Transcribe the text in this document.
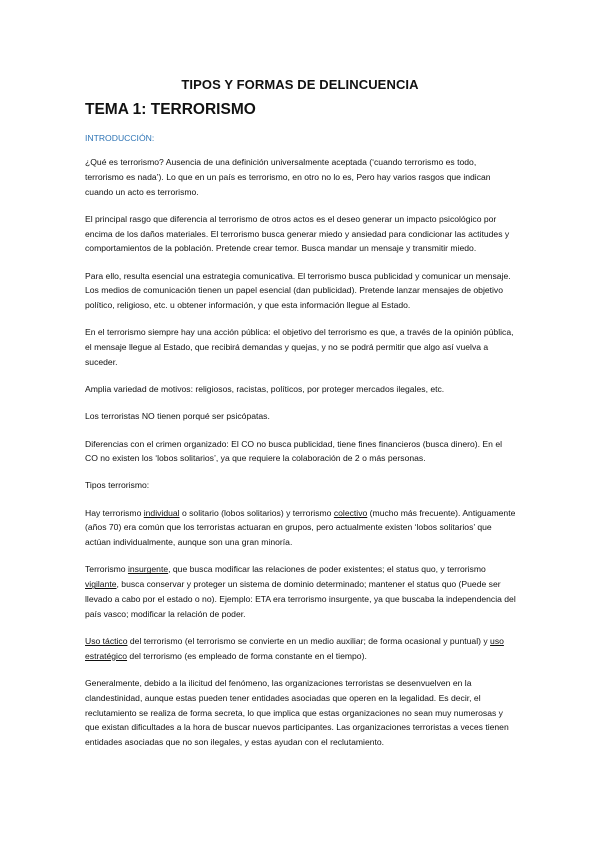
TIPOS Y FORMAS DE DELINCUENCIA
TEMA 1: TERRORISMO
INTRODUCCIÓN:

¿Qué es terrorismo? Ausencia de una definición universalmente aceptada (‘cuando terrorismo es todo, terrorismo es nada’). Lo que en un país es terrorismo, en otro no lo es, Pero hay varios rasgos que indican cuando un acto es terrorismo.

El principal rasgo que diferencia al terrorismo de otros actos es el deseo generar un impacto psicológico por encima de los daños materiales. El terrorismo busca generar miedo y ansiedad para condicionar las actitudes y comportamientos de la población. Pretende crear temor. Busca mandar un mensaje y transmitir miedo.

Para ello, resulta esencial una estrategia comunicativa. El terrorismo busca publicidad y comunicar un mensaje. Los medios de comunicación tienen un papel esencial (dan publicidad). Pretende lanzar mensajes de objetivo político, religioso, etc. u obtener información, y que esta información llegue al Estado.

En el terrorismo siempre hay una acción pública: el objetivo del terrorismo es que, a través de la opinión pública, el mensaje llegue al Estado, que recibirá demandas y quejas, y no se podrá permitir que algo así vuelva a suceder.

Amplia variedad de motivos: religiosos, racistas, políticos, por proteger mercados ilegales, etc.

Los terroristas NO tienen porqué ser psicópatas.

Diferencias con el crimen organizado: El CO no busca publicidad, tiene fines financieros (busca dinero). En el CO no existen los ‘lobos solitarios’, ya que requiere la colaboración de 2 o más personas.

Tipos terrorismo:

Hay terrorismo individual o solitario (lobos solitarios) y terrorismo colectivo (mucho más frecuente). Antiguamente (años 70) era común que los terroristas actuaran en grupos, pero actualmente existen ‘lobos solitarios’ que actúan individualmente, aunque son una gran minoría.

Terrorismo insurgente, que busca modificar las relaciones de poder existentes; el status quo, y terrorismo vigilante, busca conservar y proteger un sistema de dominio determinado; mantener el status quo (Puede ser llevado a cabo por el estado o no). Ejemplo: ETA era terrorismo insurgente, ya que buscaba la independencia del país vasco; modificar la relación de poder.

Uso táctico del terrorismo (el terrorismo se convierte en un medio auxiliar; de forma ocasional y puntual) y uso estratégico del terrorismo (es empleado de forma constante en el tiempo).

Generalmente, debido a la ilicitud del fenómeno, las organizaciones terroristas se desenvuelven en la clandestinidad, aunque estas pueden tener entidades asociadas que operen en la legalidad. Es decir, el reclutamiento se realiza de forma secreta, lo que implica que estas organizaciones no sean muy numerosas y que existan dificultades a la hora de buscar nuevos participantes. Las organizaciones terroristas a veces tienen entidades asociadas que no son ilegales, y estas ayudan con el reclutamiento.
